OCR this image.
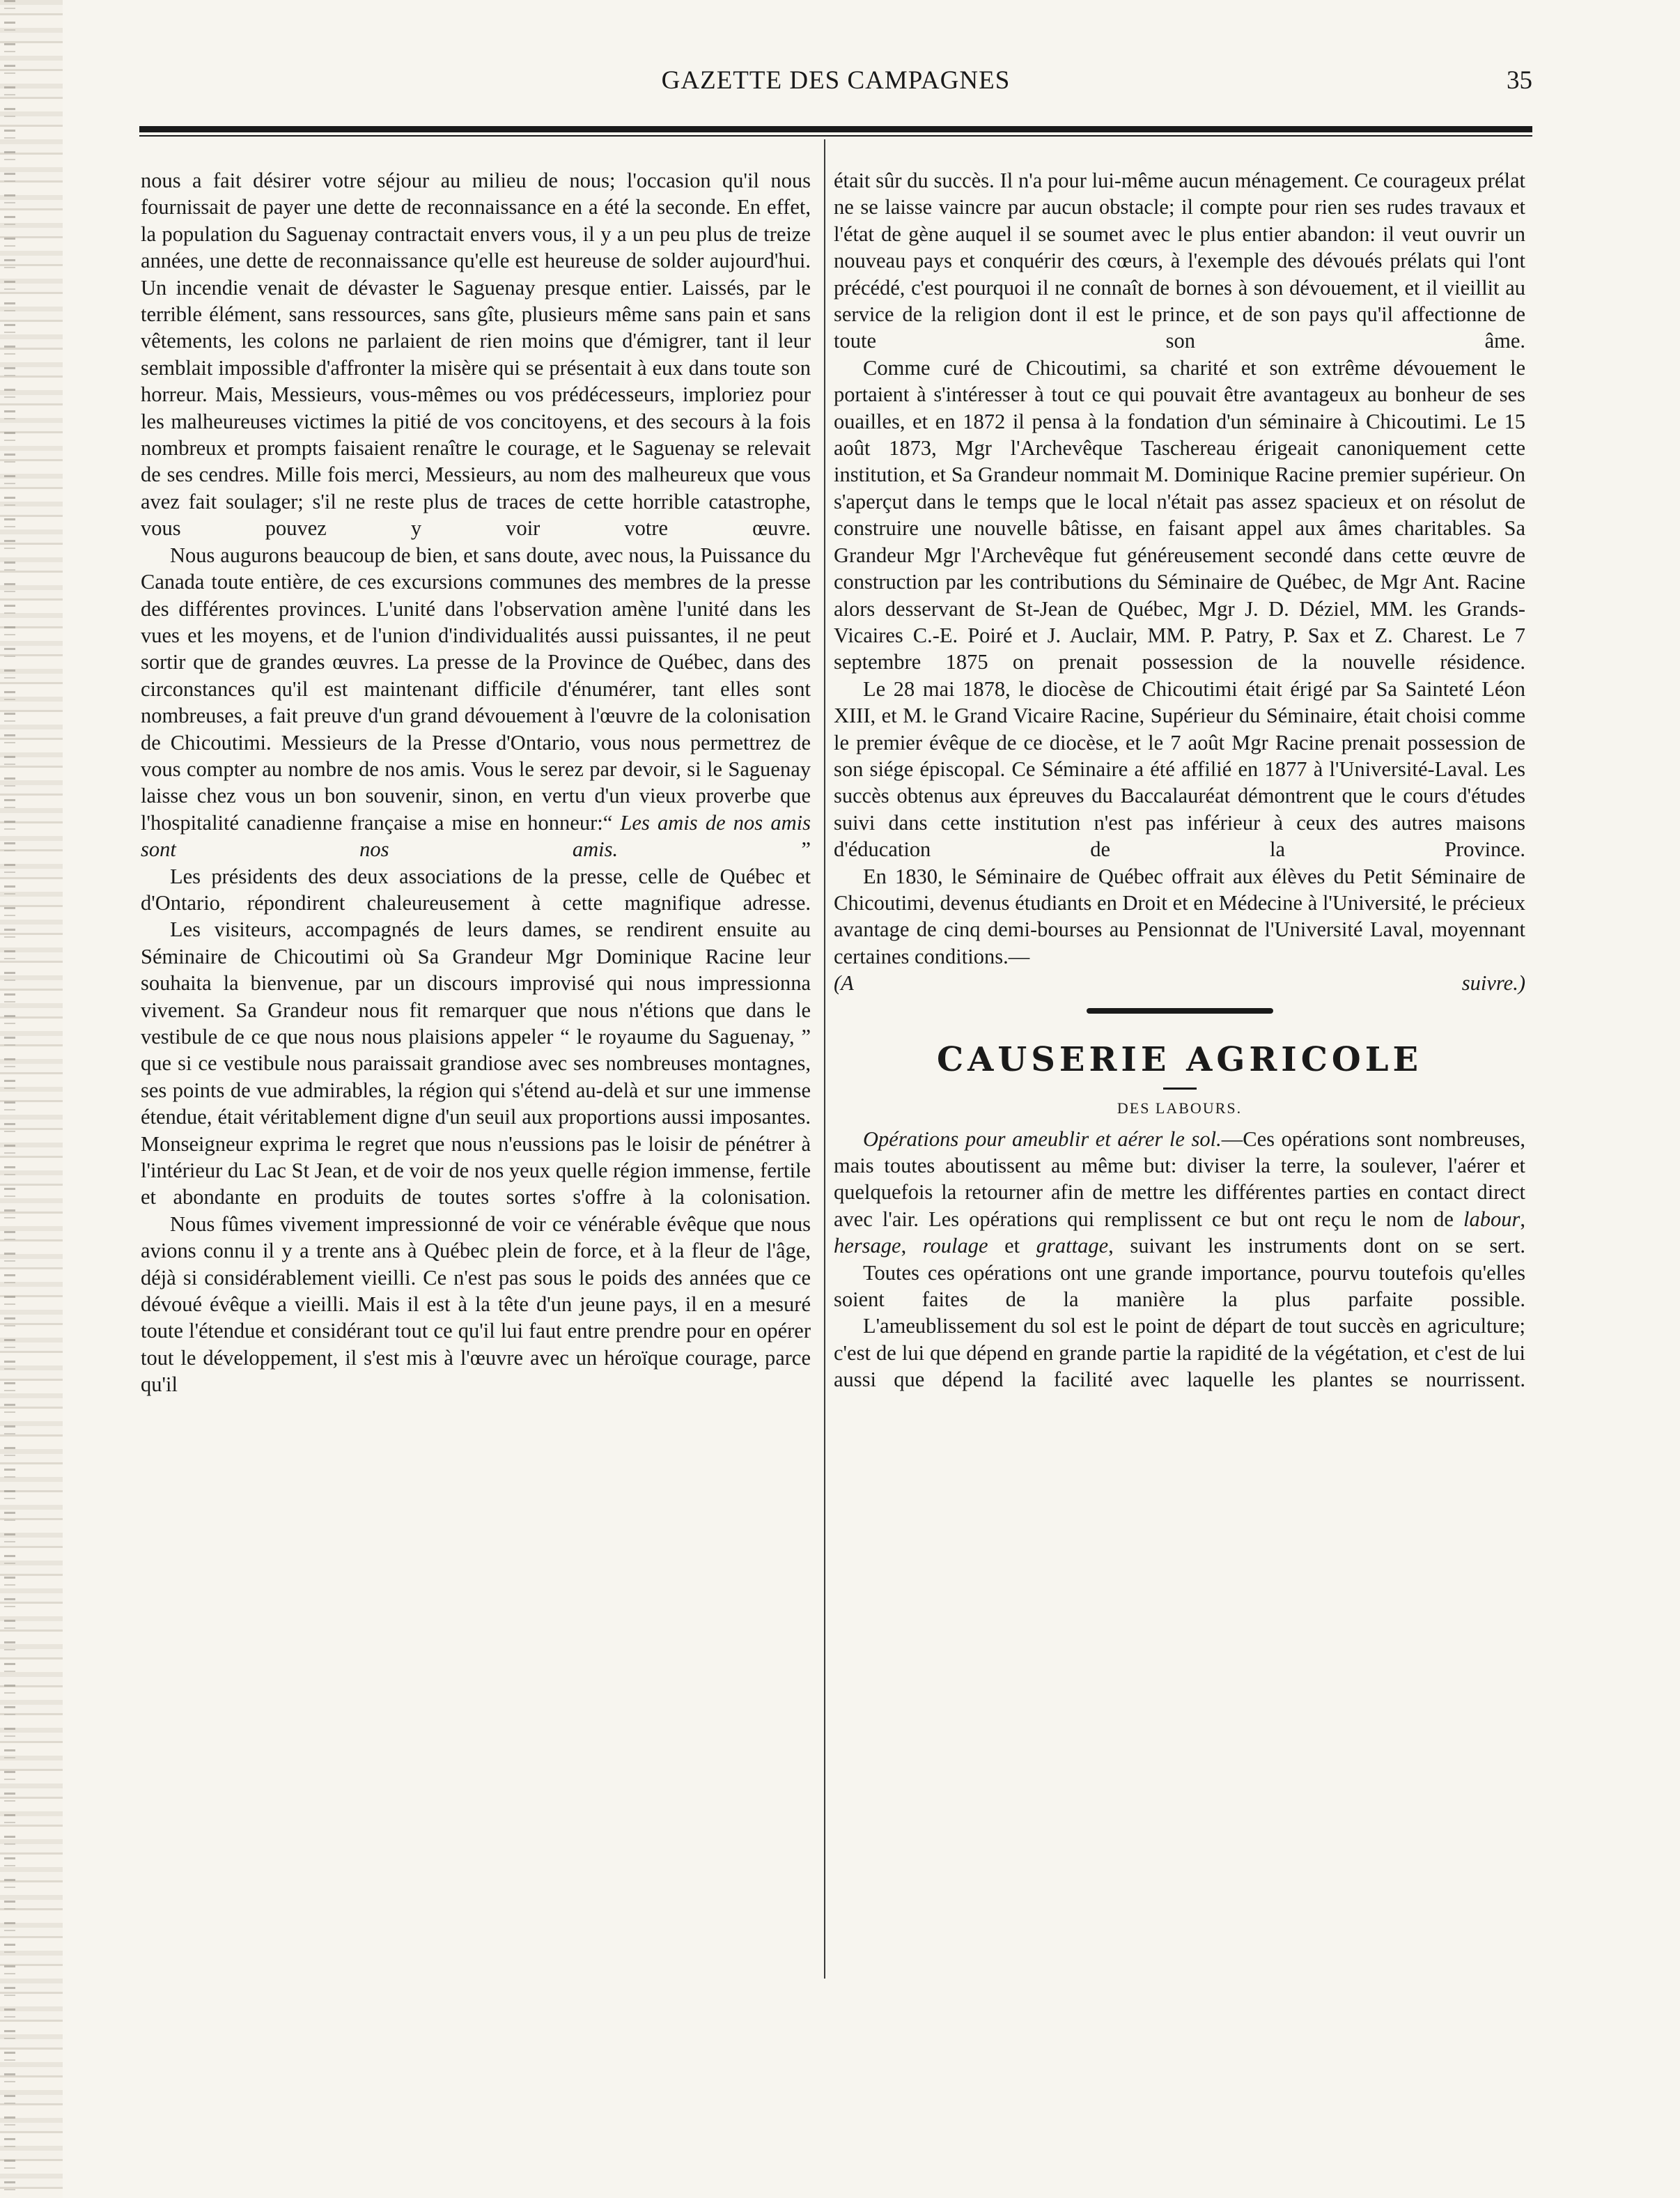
GAZETTE DES CAMPAGNES	35

nous a fait désirer votre séjour au milieu de nous; l'occasion qu'il nous fournissait de payer une dette de reconnaissance en a été la seconde. En effet, la population du Saguenay contractait envers vous, il y a un peu plus de treize années, une dette de reconnaissance qu'elle est heureuse de solder aujourd'hui. Un incendie venait de dévaster le Saguenay presque entier. Laissés, par le terrible élément, sans ressources, sans gîte, plusieurs même sans pain et sans vêtements, les colons ne parlaient de rien moins que d'émigrer, tant il leur semblait impossible d'affronter la misère qui se présentait à eux dans toute son horreur. Mais, Messieurs, vous-mêmes ou vos prédécesseurs, imploriez pour les malheureuses victimes la pitié de vos concitoyens, et des secours à la fois nombreux et prompts faisaient renaître le courage, et le Saguenay se relevait de ses cendres. Mille fois merci, Messieurs, au nom des malheureux que vous avez fait soulager; s'il ne reste plus de traces de cette horrible catastrophe, vous pouvez y voir votre œuvre.

Nous augurons beaucoup de bien, et sans doute, avec nous, la Puissance du Canada toute entière, de ces excursions communes des membres de la presse des différentes provinces. L'unité dans l'observation amène l'unité dans les vues et les moyens, et de l'union d'individualités aussi puissantes, il ne peut sortir que de grandes œuvres. La presse de la Province de Québec, dans des circonstances qu'il est maintenant difficile d'énumérer, tant elles sont nombreuses, a fait preuve d'un grand dévouement à l'œuvre de la colonisation de Chicoutimi. Messieurs de la Presse d'Ontario, vous nous permettrez de vous compter au nombre de nos amis. Vous le serez par devoir, si le Saguenay laisse chez vous un bon souvenir, sinon, en vertu d'un vieux proverbe que l'hospitalité canadienne française a mise en honneur:“ Les amis de nos amis sont nos amis. ”

Les présidents des deux associations de la presse, celle de Québec et d'Ontario, répondirent chaleureusement à cette magnifique adresse.

Les visiteurs, accompagnés de leurs dames, se rendirent ensuite au Séminaire de Chicoutimi où Sa Grandeur Mgr Dominique Racine leur souhaita la bienvenue, par un discours improvisé qui nous impressionna vivement. Sa Grandeur nous fit remarquer que nous n'étions que dans le vestibule de ce que nous nous plaisions appeler “ le royaume du Saguenay, ” que si ce vestibule nous paraissait grandiose avec ses nombreuses montagnes, ses points de vue admirables, la région qui s'étend au-delà et sur une immense étendue, était véritablement digne d'un seuil aux proportions aussi imposantes. Monseigneur exprima le regret que nous n'eussions pas le loisir de pénétrer à l'intérieur du Lac St Jean, et de voir de nos yeux quelle région immense, fertile et abondante en produits de toutes sortes s'offre à la colonisation.

Nous fûmes vivement impressionné de voir ce vénérable évêque que nous avions connu il y a trente ans à Québec plein de force, et à la fleur de l'âge, déjà si considérablement vieilli. Ce n'est pas sous le poids des années que ce dévoué évêque a vieilli. Mais il est à la tête d'un jeune pays, il en a mesuré toute l'étendue et considérant tout ce qu'il lui faut entre prendre pour en opérer tout le développement, il s'est mis à l'œuvre avec un héroïque courage, parce qu'il

était sûr du succès. Il n'a pour lui-même aucun ménagement. Ce courageux prélat ne se laisse vaincre par aucun obstacle; il compte pour rien ses rudes travaux et l'état de gène auquel il se soumet avec le plus entier abandon: il veut ouvrir un nouveau pays et conquérir des cœurs, à l'exemple des dévoués prélats qui l'ont précédé, c'est pourquoi il ne connaît de bornes à son dévouement, et il vieillit au service de la religion dont il est le prince, et de son pays qu'il affectionne de toute son âme.

Comme curé de Chicoutimi, sa charité et son extrême dévouement le portaient à s'intéresser à tout ce qui pouvait être avantageux au bonheur de ses ouailles, et en 1872 il pensa à la fondation d'un séminaire à Chicoutimi. Le 15 août 1873, Mgr l'Archevêque Taschereau érigeait canoniquement cette institution, et Sa Grandeur nommait M. Dominique Racine premier supérieur. On s'aperçut dans le temps que le local n'était pas assez spacieux et on résolut de construire une nouvelle bâtisse, en faisant appel aux âmes charitables. Sa Grandeur Mgr l'Archevêque fut généreusement secondé dans cette œuvre de construction par les contributions du Séminaire de Québec, de Mgr Ant. Racine alors desservant de St-Jean de Québec, Mgr J. D. Déziel, MM. les Grands-Vicaires C.-E. Poiré et J. Auclair, MM. P. Patry, P. Sax et Z. Charest. Le 7 septembre 1875 on prenait possession de la nouvelle résidence.

Le 28 mai 1878, le diocèse de Chicoutimi était érigé par Sa Sainteté Léon XIII, et M. le Grand Vicaire Racine, Supérieur du Séminaire, était choisi comme le premier évêque de ce diocèse, et le 7 août Mgr Racine prenait possession de son siége épiscopal. Ce Séminaire a été affilié en 1877 à l'Université-Laval. Les succès obtenus aux épreuves du Baccalauréat démontrent que le cours d'études suivi dans cette institution n'est pas inférieur à ceux des autres maisons d'éducation de la Province.

En 1830, le Séminaire de Québec offrait aux élèves du Petit Séminaire de Chicoutimi, devenus étudiants en Droit et en Médecine à l'Université, le précieux avantage de cinq demi-bourses au Pensionnat de l'Université Laval, moyennant certaines conditions.—

(A suivre.)

CAUSERIE AGRICOLE
DES LABOURS.

Opérations pour ameublir et aérer le sol.—Ces opérations sont nombreuses, mais toutes aboutissent au même but: diviser la terre, la soulever, l'aérer et quelquefois la retourner afin de mettre les différentes parties en contact direct avec l'air. Les opérations qui remplissent ce but ont reçu le nom de labour, hersage, roulage et grattage, suivant les instruments dont on se sert.

Toutes ces opérations ont une grande importance, pourvu toutefois qu'elles soient faites de la manière la plus parfaite possible.

L'ameublissement du sol est le point de départ de tout succès en agriculture; c'est de lui que dépend en grande partie la rapidité de la végétation, et c'est de lui aussi que dépend la facilité avec laquelle les plantes se nourrissent.
